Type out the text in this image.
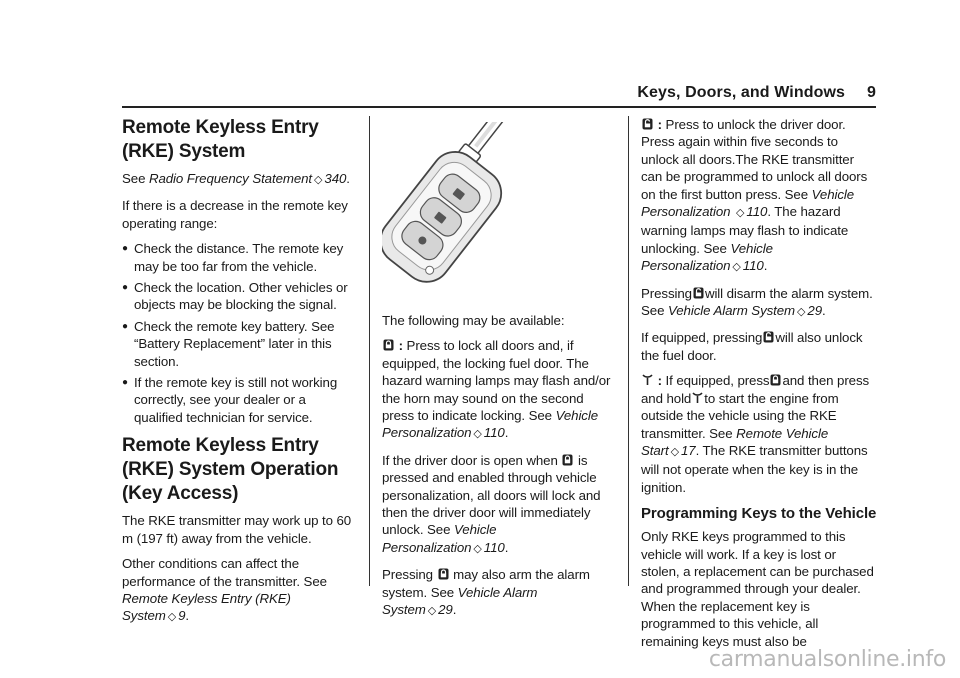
Keys, Doors, and Windows 9
Remote Keyless Entry (RKE) System

See Radio Frequency Statement ◇ 340.

If there is a decrease in the remote key operating range:

● Check the distance. The remote key may be too far from the vehicle.
● Check the location. Other vehicles or objects may be blocking the signal.
● Check the remote key battery. See “Battery Replacement” later in this section.
● If the remote key is still not working correctly, see your dealer or a qualified technician for service.
Remote Keyless Entry (RKE) System Operation (Key Access)

The RKE transmitter may work up to 60 m (197 ft) away from the vehicle.

Other conditions can affect the performance of the transmitter. See Remote Keyless Entry (RKE) System ◇ 9.

The following may be available:

: Press to lock all doors and, if equipped, the locking fuel door. The hazard warning lamps may flash and/or the horn may sound on the second press to indicate locking. See Vehicle Personalization ◇ 110.

If the driver door is open when is pressed and enabled through vehicle personalization, all doors will lock and then the driver door will immediately unlock. See Vehicle Personalization ◇ 110.

Pressing may also arm the alarm system. See Vehicle Alarm System ◇ 29.

: Press to unlock the driver door. Press again within five seconds to unlock all doors.The RKE transmitter can be programmed to unlock all doors on the first button press. See Vehicle Personalization ◇ 110. The hazard warning lamps may flash to indicate unlocking. See Vehicle Personalization ◇ 110.

Pressing will disarm the alarm system. See Vehicle Alarm System ◇ 29.

If equipped, pressing will also unlock the fuel door.

: If equipped, press and then press and hold to start the engine from outside the vehicle using the RKE transmitter. See Remote Vehicle Start ◇ 17. The RKE transmitter buttons will not operate when the key is in the ignition.

Programming Keys to the Vehicle

Only RKE keys programmed to this vehicle will work. If a key is lost or stolen, a replacement can be purchased and programmed through your dealer. When the replacement key is programmed to this vehicle, all remaining keys must also be

carmanualsonline.info
